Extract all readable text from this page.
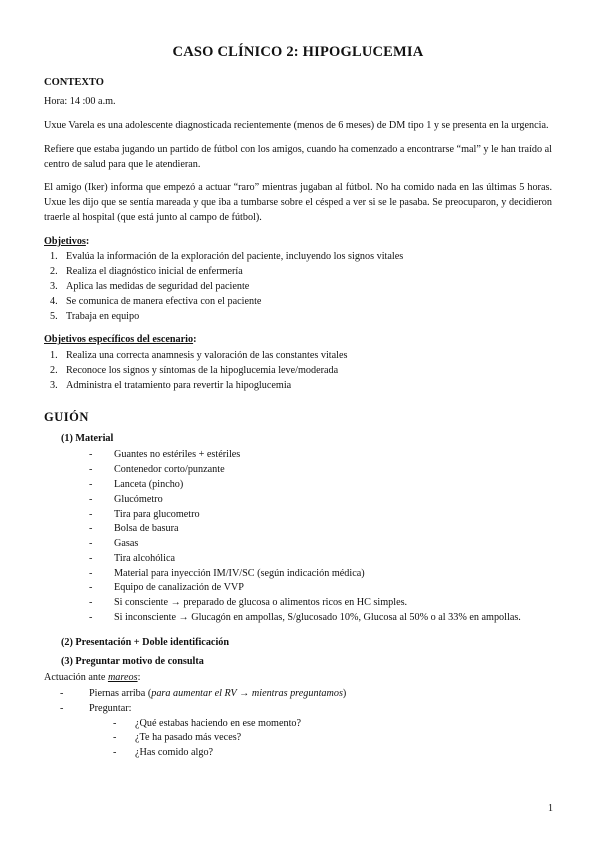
CASO CLÍNICO 2: HIPOGLUCEMIA
CONTEXTO

Hora: 14 :00 a.m.

Uxue Varela es una adolescente diagnosticada recientemente (menos de 6 meses) de DM tipo 1 y se presenta en la urgencia.

Refiere que estaba jugando un partido de fútbol con los amigos, cuando ha comenzado a encontrarse “mal” y le han traído al centro de salud para que le atendieran.

El amigo (Iker) informa que empezó a actuar “raro” mientras jugaban al fútbol. No ha comido nada en las últimas 5 horas. Uxue les dijo que se sentía mareada y que iba a tumbarse sobre el césped a ver si se le pasaba. Se preocuparon, y decidieron traerle al hospital (que está junto al campo de fútbol).

Objetivos:
1. Evalúa la información de la exploración del paciente, incluyendo los signos vitales
2. Realiza el diagnóstico inicial de enfermería
3. Aplica las medidas de seguridad del paciente
4. Se comunica de manera efectiva con el paciente
5. Trabaja en equipo
Objetivos específicos del escenario:
1. Realiza una correcta anamnesis y valoración de las constantes vitales
2. Reconoce los signos y síntomas de la hipoglucemia leve/moderada
3. Administra el tratamiento para revertir la hipoglucemia
GUIÓN
(1) Material
- Guantes no estériles + estériles
- Contenedor corto/punzante
- Lanceta (pincho)
- Glucómetro
- Tira para glucometro
- Bolsa de basura
- Gasas
- Tira alcohólica
- Material para inyección IM/IV/SC (según indicación médica)
- Equipo de canalización de VVP
- Si consciente → preparado de glucosa o alimentos ricos en HC simples.
- Si inconsciente → Glucagón en ampollas, S/glucosado 10%, Glucosa al 50% o al 33% en ampollas.
(2) Presentación + Doble identificación
(3) Preguntar motivo de consulta
Actuación ante mareos:
-	Piernas arriba (para aumentar el RV → mientras preguntamos)
-	Preguntar:
- ¿Qué estabas haciendo en ese momento?
- ¿Te ha pasado más veces?
- ¿Has comido algo?
1
